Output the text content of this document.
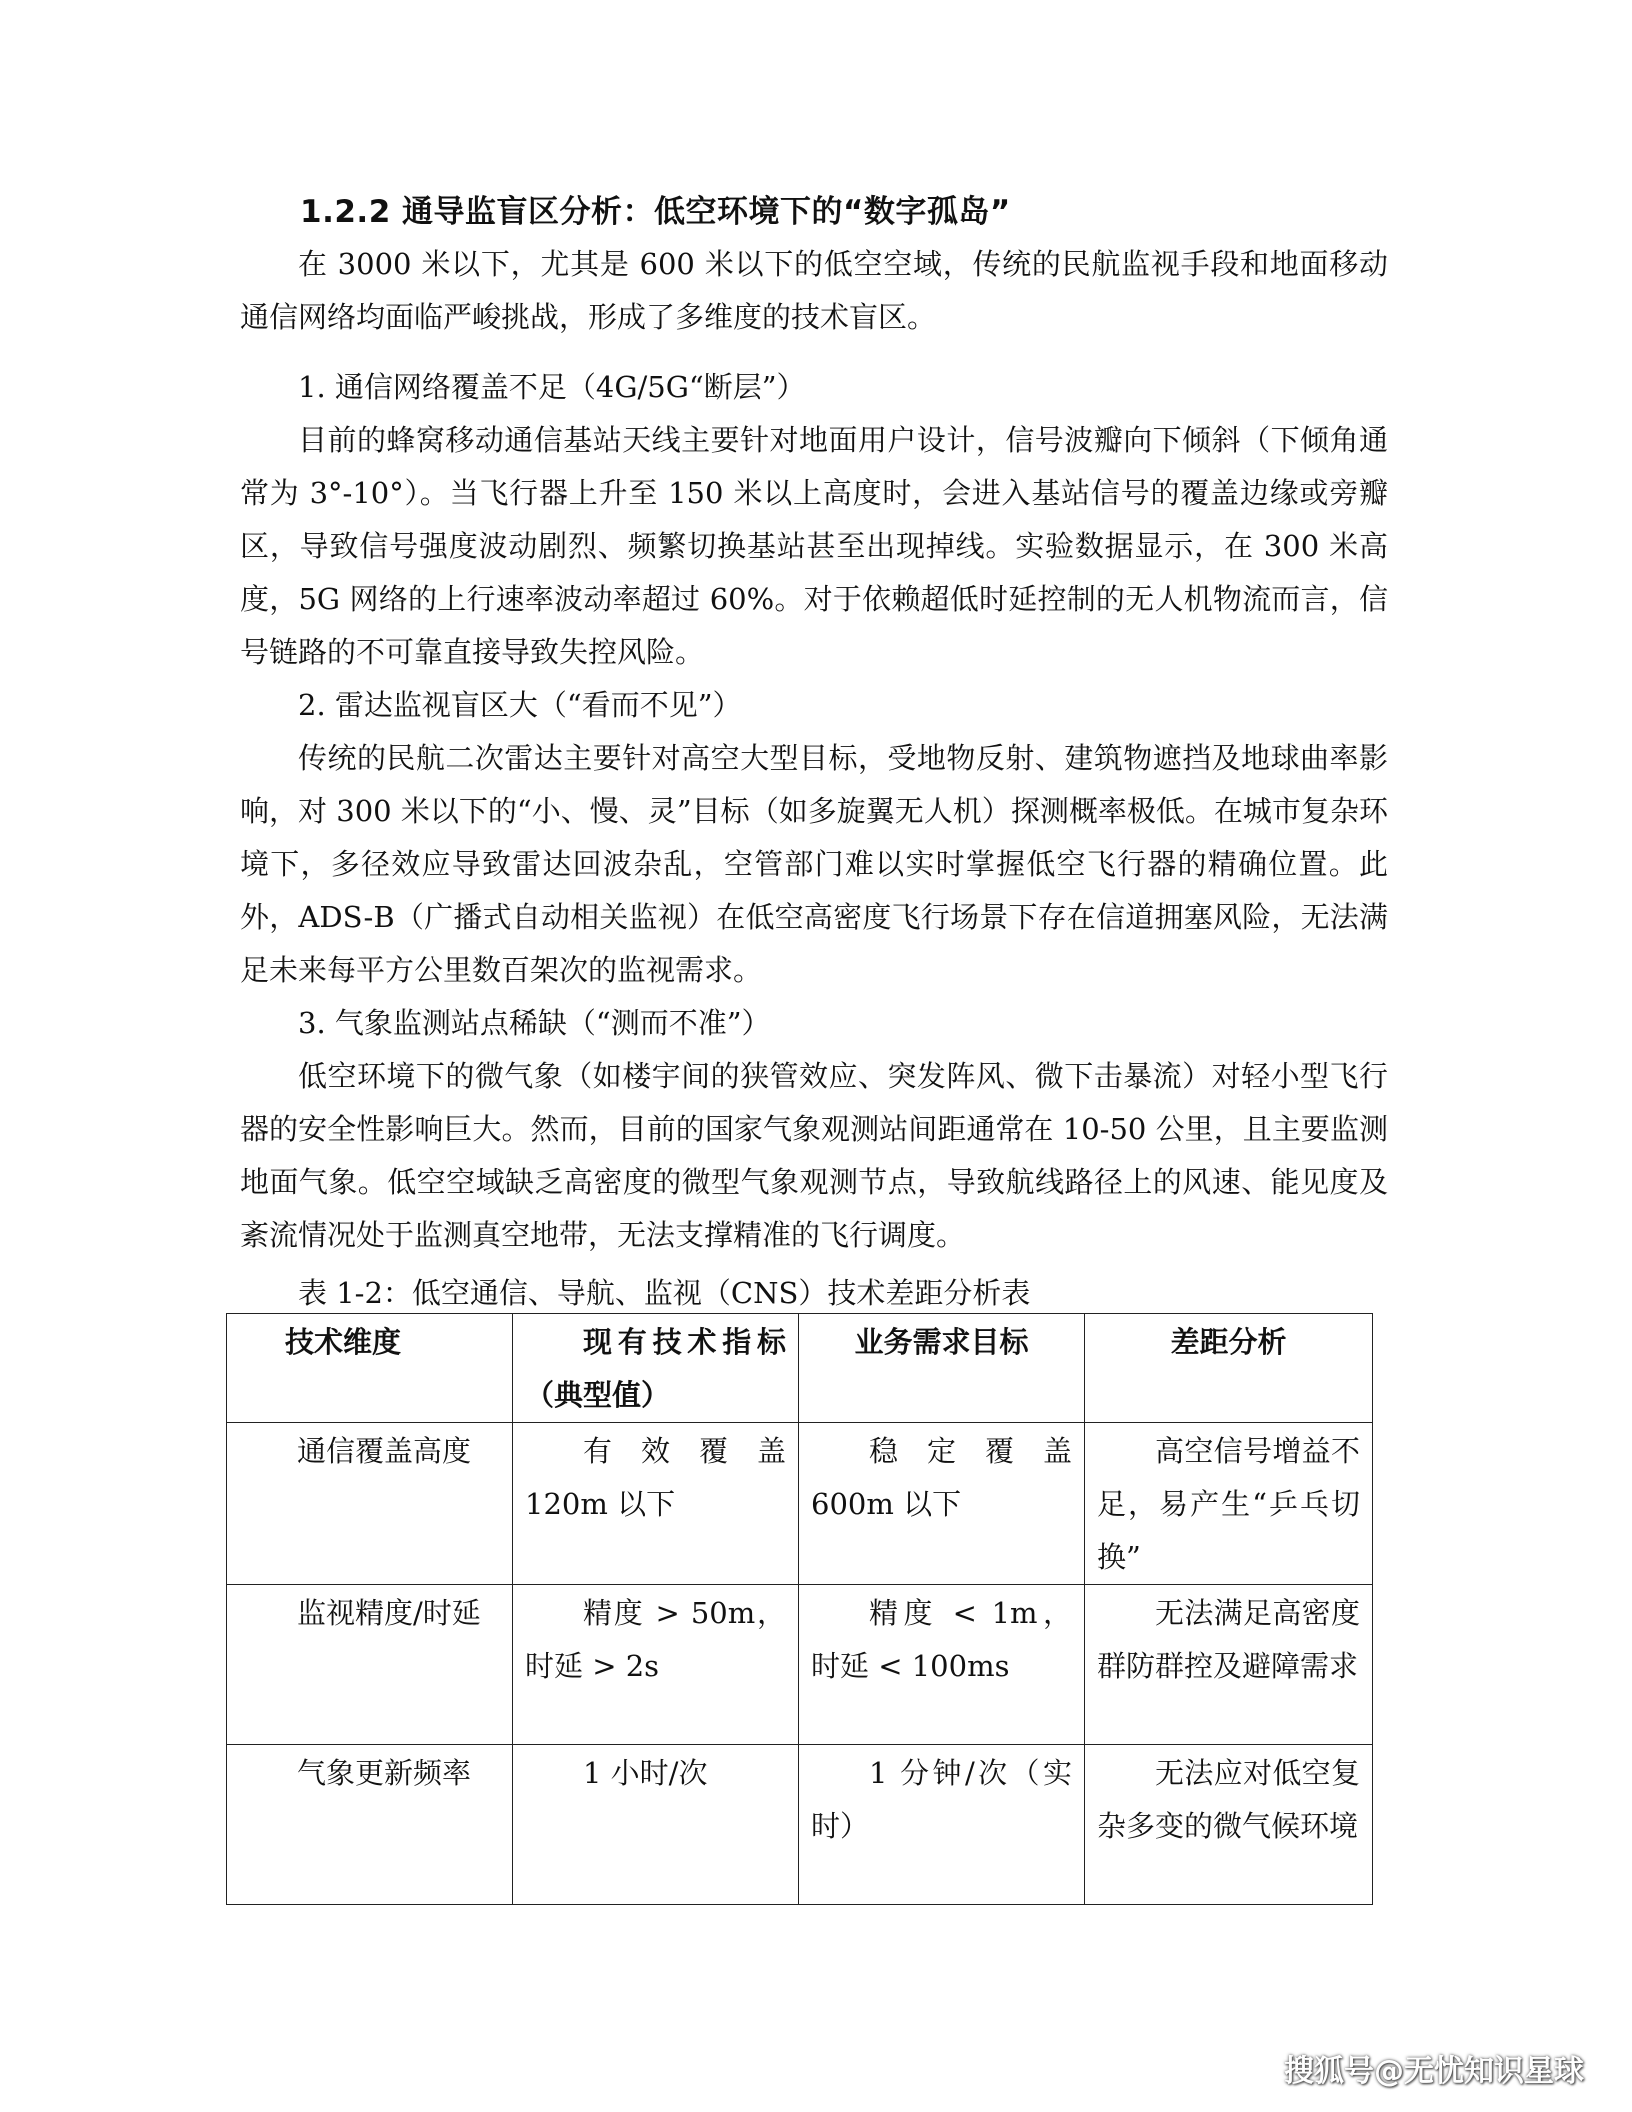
1.2.2 通导监盲区分析：低空环境下的“数字孤岛”

在 3000 米以下，尤其是 600 米以下的低空空域，传统的民航监视手段和地面移动通信网络均面临严峻挑战，形成了多维度的技术盲区。

1. 通信网络覆盖不足（4G/5G“断层”）

目前的蜂窝移动通信基站天线主要针对地面用户设计，信号波瓣向下倾斜（下倾角通常为 3°-10°）。当飞行器上升至 150 米以上高度时，会进入基站信号的覆盖边缘或旁瓣区，导致信号强度波动剧烈、频繁切换基站甚至出现掉线。实验数据显示，在 300 米高度，5G 网络的上行速率波动率超过 60%。对于依赖超低时延控制的无人机物流而言，信号链路的不可靠直接导致失控风险。

2. 雷达监视盲区大（“看而不见”）

传统的民航二次雷达主要针对高空大型目标，受地物反射、建筑物遮挡及地球曲率影响，对 300 米以下的“小、慢、灵”目标（如多旋翼无人机）探测概率极低。在城市复杂环境下，多径效应导致雷达回波杂乱，空管部门难以实时掌握低空飞行器的精确位置。此外，ADS-B（广播式自动相关监视）在低空高密度飞行场景下存在信道拥塞风险，无法满足未来每平方公里数百架次的监视需求。

3. 气象监测站点稀缺（“测而不准”）

低空环境下的微气象（如楼宇间的狭管效应、突发阵风、微下击暴流）对轻小型飞行器的安全性影响巨大。然而，目前的国家气象观测站间距通常在 10-50 公里，且主要监测地面气象。低空空域缺乏高密度的微型气象观测节点，导致航线路径上的风速、能见度及紊流情况处于监测真空地带，无法支撑精准的飞行调度。

表 1-2：低空通信、导航、监视（CNS）技术差距分析表
技术维度	现有技术指标（典型值）	业务需求目标	差距分析
通信覆盖高度	有效覆盖 120m 以下	稳定覆盖 600m 以下	高空信号增益不足，易产生“乒乓切换”
监视精度/时延	精度 > 50m，时延 > 2s	精度 < 1m，时延 < 100ms	无法满足高密度群防群控及避障需求
气象更新频率	1 小时/次	1 分钟/次（实时）	无法应对低空复杂多变的微气候环境
搜狐号@无忧知识星球
